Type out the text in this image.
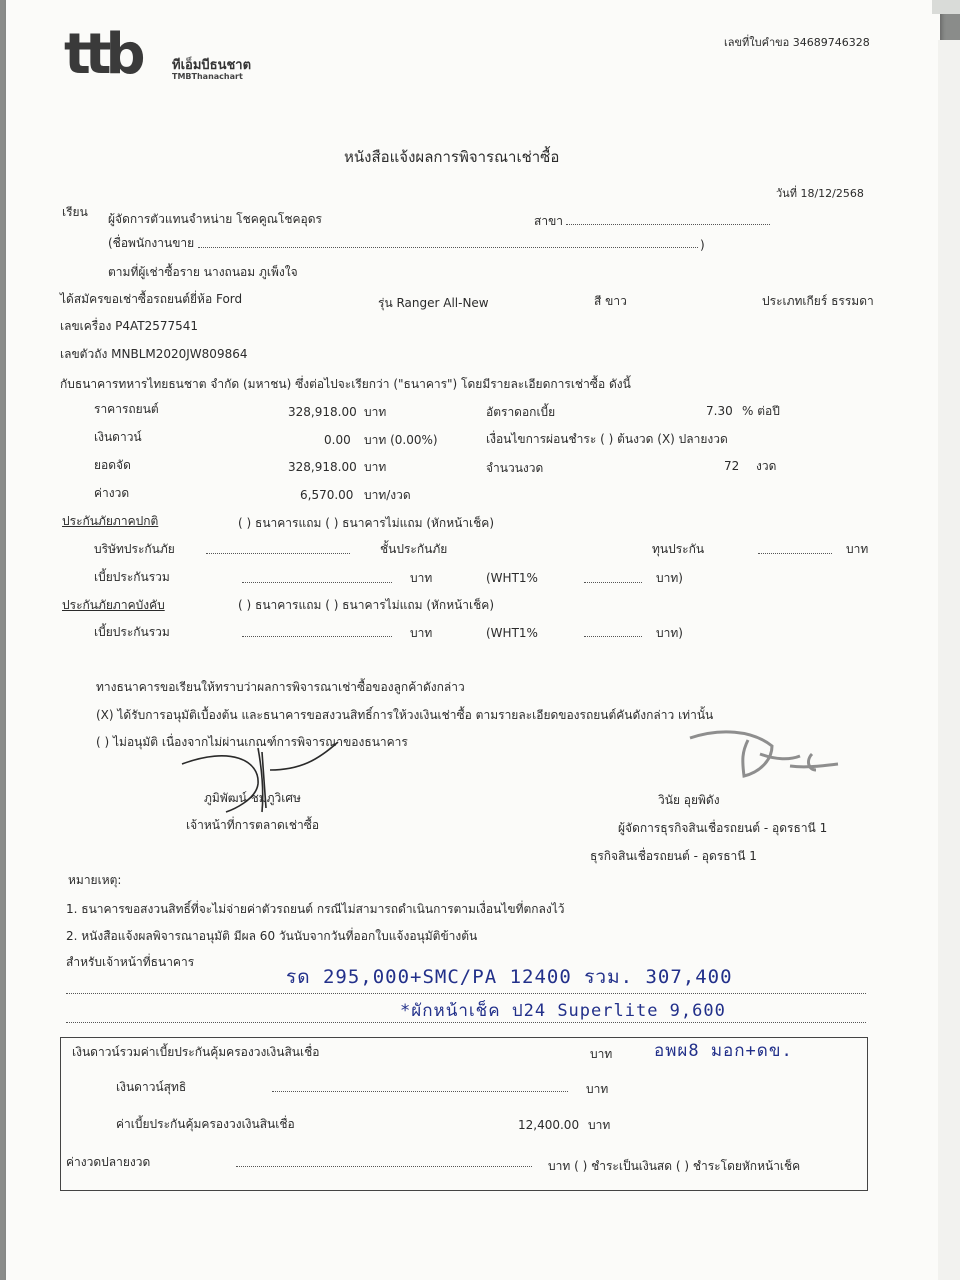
ttb ทีเอ็มบีธนชาต
TMBThanachart
เลขที่ใบคำขอ 34689746328
หนังสือแจ้งผลการพิจารณาเช่าซื้อ
วันที่ 18/12/2568
เรียน ผู้จัดการตัวแทนจำหน่าย โชคคูณโชคอุดร	สาขา
(ชื่อพนักงานขาย	)
ตามที่ผู้เช่าซื้อราย นางถนอม ภูเพ็งใจ
ได้สมัครขอเช่าซื้อรถยนต์ยี่ห้อ Ford	รุ่น Ranger All-New	สี ขาว	ประเภทเกียร์ ธรรมดา
เลขเครื่อง P4AT2577541
เลขตัวถัง MNBLM2020JW809864
กับธนาคารทหารไทยธนชาต จำกัด (มหาชน) ซึ่งต่อไปจะเรียกว่า ("ธนาคาร") โดยมีรายละเอียดการเช่าซื้อ ดังนี้
ราคารถยนต์	328,918.00 บาท	อัตราดอกเบี้ย	7.30 % ต่อปี
เงินดาวน์	0.00 บาท (0.00%)	เงื่อนไขการผ่อนชำระ ( ) ต้นงวด (X) ปลายงวด
ยอดจัด	328,918.00 บาท	จำนวนงวด	72 งวด
ค่างวด	6,570.00 บาท/งวด
ประกันภัยภาคปกติ	( ) ธนาคารแถม ( ) ธนาคารไม่แถม (หักหน้าเช็ค)
บริษัทประกันภัย	ชั้นประกันภัย	ทุนประกัน	บาท
เบี้ยประกันรวม	บาท	(WHT1%	บาท)
ประกันภัยภาคบังคับ	( ) ธนาคารแถม ( ) ธนาคารไม่แถม (หักหน้าเช็ค)
เบี้ยประกันรวม	บาท	(WHT1%	บาท)
ทางธนาคารขอเรียนให้ทราบว่าผลการพิจารณาเช่าซื้อของลูกค้าดังกล่าว
(X) ได้รับการอนุมัติเบื้องต้น และธนาคารขอสงวนสิทธิ์การให้วงเงินเช่าซื้อ ตามรายละเอียดของรถยนต์คันดังกล่าว เท่านั้น
( ) ไม่อนุมัติ เนื่องจากไม่ผ่านเกณฑ์การพิจารณาของธนาคาร
ภูมิพัฒน์ ชมภูวิเศษ
เจ้าหน้าที่การตลาดเช่าซื้อ
วินัย อุยพิดัง
ผู้จัดการธุรกิจสินเชื่อรถยนต์ - อุดรธานี 1
ธุรกิจสินเชื่อรถยนต์ - อุดรธานี 1
หมายเหตุ:
1. ธนาคารขอสงวนสิทธิ์ที่จะไม่จ่ายค่าตัวรถยนต์ กรณีไม่สามารถดำเนินการตามเงื่อนไขที่ตกลงไว้
2. หนังสือแจ้งผลพิจารณาอนุมัติ มีผล 60 วันนับจากวันที่ออกใบแจ้งอนุมัติข้างต้น
สำหรับเจ้าหน้าที่ธนาคาร
รด 295,000+SMC/PA 12400 รวม. 307,400
*ผักหน้าเช็ค ป24 Superlite 9,600
อพผ8 มอก+ดข.
เงินดาวน์รวมค่าเบี้ยประกันคุ้มครองวงเงินสินเชื่อ	บาท
เงินดาวน์สุทธิ	บาท
ค่าเบี้ยประกันคุ้มครองวงเงินสินเชื่อ	12,400.00 บาท
ค่างวดปลายงวด	บาท ( ) ชำระเป็นเงินสด ( ) ชำระโดยหักหน้าเช็ค
